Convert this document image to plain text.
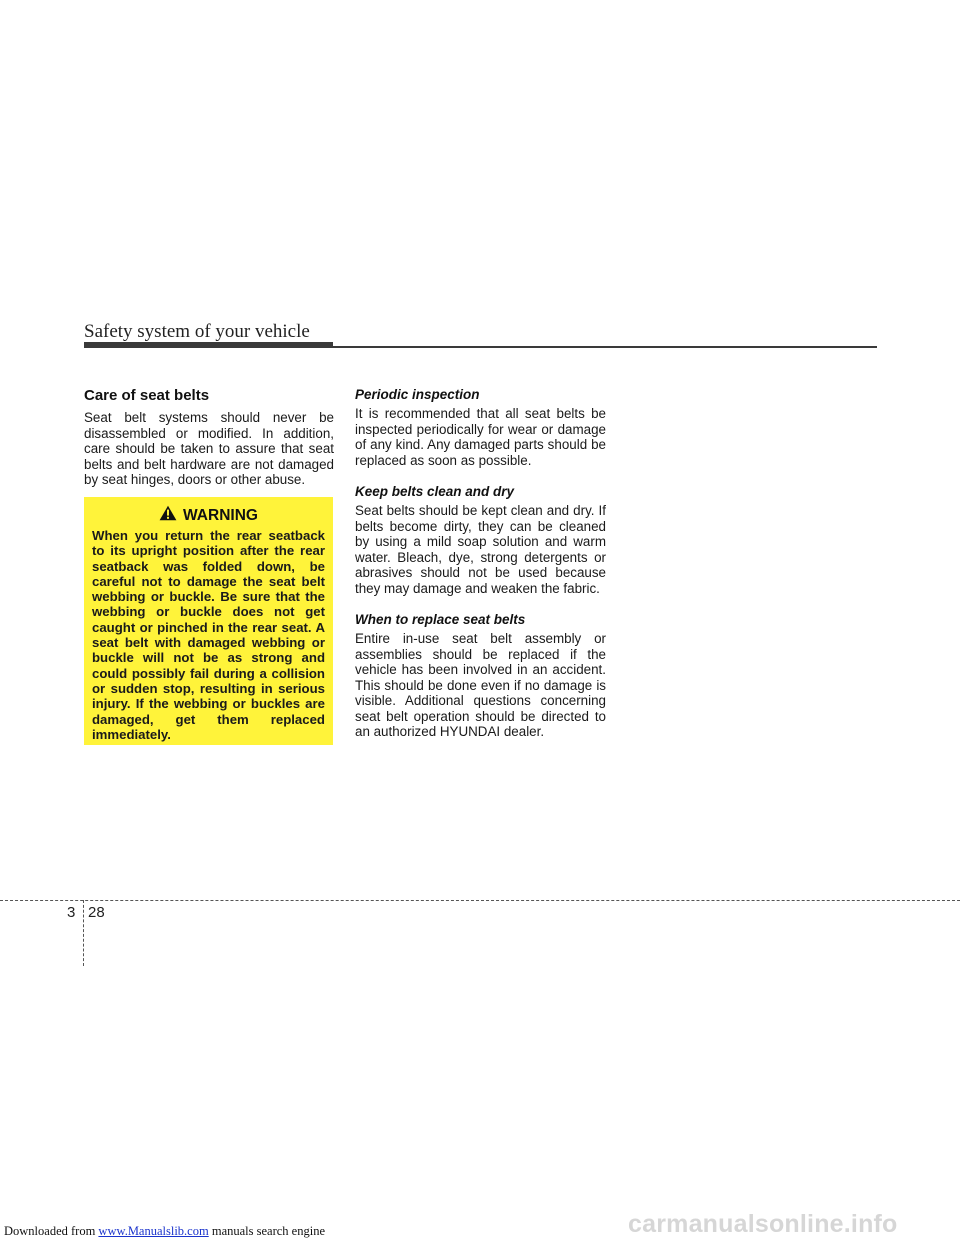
Safety system of your vehicle
Care of seat belts

Seat belt systems should never be disassembled or modified. In addition, care should be taken to assure that seat belts and belt hardware are not damaged by seat hinges, doors or other abuse.

WARNING

When you return the rear seatback to its upright position after the rear seatback was folded down, be careful not to damage the seat belt webbing or buckle. Be sure that the webbing or buckle does not get caught or pinched in the rear seat. A seat belt with damaged webbing or buckle will not be as strong and could possibly fail during a collision or sudden stop, resulting in serious injury. If the webbing or buckles are damaged, get them replaced immediately.

Periodic inspection

It is recommended that all seat belts be inspected periodically for wear or damage of any kind. Any damaged parts should be replaced as soon as possible.

Keep belts clean and dry

Seat belts should be kept clean and dry. If belts become dirty, they can be cleaned by using a mild soap solution and warm water. Bleach, dye, strong detergents or abrasives should not be used because they may damage and weaken the fabric.

When to replace seat belts

Entire in-use seat belt assembly or assemblies should be replaced if the vehicle has been involved in an accident. This should be done even if no damage is visible. Additional questions concerning seat belt operation should be directed to an authorized HYUNDAI dealer.

3 28
Downloaded from www.Manualslib.com manuals search engine	carmanualsonline.info
